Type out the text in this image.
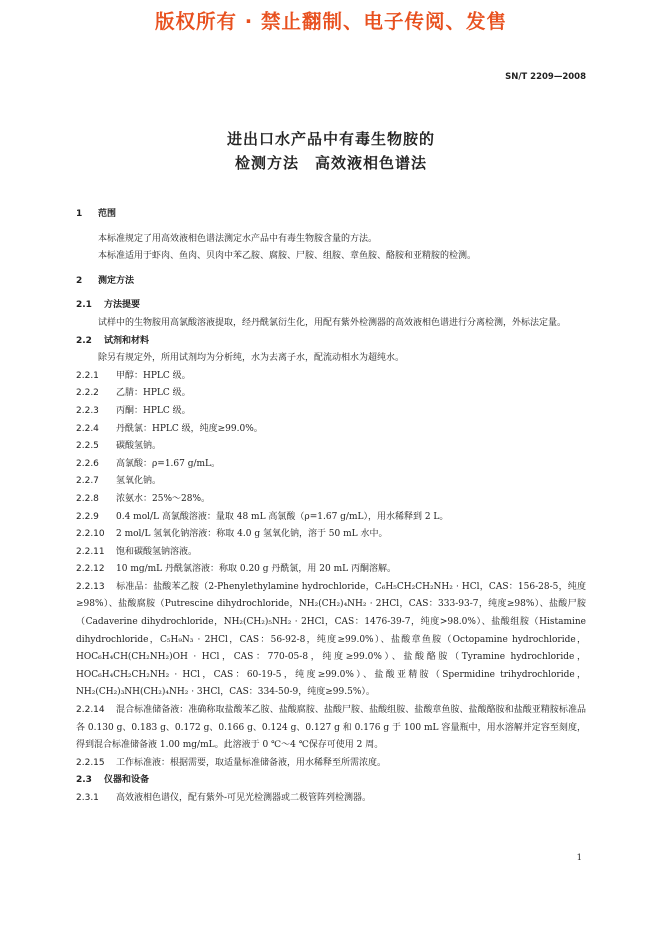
版权所有 · 禁止翻制、电子传阅、发售
SN/T 2209—2008
进出口水产品中有毒生物胺的
检测方法　高效液相色谱法
1 范围
本标准规定了用高效液相色谱法测定水产品中有毒生物胺含量的方法。
本标准适用于虾肉、鱼肉、贝肉中苯乙胺、腐胺、尸胺、组胺、章鱼胺、酪胺和亚精胺的检测。
2 测定方法
2.1 方法提要
试样中的生物胺用高氯酸溶液提取，经丹酰氯衍生化，用配有紫外检测器的高效液相色谱进行分离检测，外标法定量。
2.2 试剂和材料
除另有规定外，所用试剂均为分析纯，水为去离子水，配流动相水为超纯水。
2.2.1 甲醇：HPLC 级。
2.2.2 乙腈：HPLC 级。
2.2.3 丙酮：HPLC 级。
2.2.4 丹酰氯：HPLC 级，纯度≥99.0%。
2.2.5 碳酸氢钠。
2.2.6 高氯酸：ρ=1.67 g/mL。
2.2.7 氢氧化钠。
2.2.8 浓氨水：25%～28%。
2.2.9 0.4 mol/L 高氯酸溶液：量取 48 mL 高氯酸（ρ=1.67 g/mL），用水稀释到 2 L。
2.2.10 2 mol/L 氢氧化钠溶液：称取 4.0 g 氢氧化钠，溶于 50 mL 水中。
2.2.11 饱和碳酸氢钠溶液。
2.2.12 10 mg/mL 丹酰氯溶液：称取 0.20 g 丹酰氯，用 20 mL 丙酮溶解。
2.2.13 标准品：盐酸苯乙胺（2-Phenylethylamine hydrochloride，C₆H₅CH₂CH₂NH₂ · HCl，CAS：156-28-5，纯度≥98%）、盐酸腐胺（Putrescine dihydrochloride，NH₂(CH₂)₄NH₂ · 2HCl，CAS：333-93-7，纯度≥98%）、盐酸尸胺（Cadaverine dihydrochloride，NH₂(CH₂)₅NH₂ · 2HCl，CAS：1476-39-7，纯度>98.0%）、盐酸组胺（Histamine dihydrochloride，C₅H₉N₃ · 2HCl，CAS：56-92-8，纯度≥99.0%）、盐酸章鱼胺（Octopamine hydrochloride，HOC₆H₄CH(CH₂NH₂)OH · HCl，CAS：770-05-8，纯度≥99.0%）、盐酸酪胺（Tyramine hydrochloride，HOC₆H₄CH₂CH₂NH₂ · HCl，CAS：60-19-5，纯度≥99.0%）、盐酸亚精胺（Spermidine trihydrochloride，NH₂(CH₂)₃NH(CH₂)₄NH₂ · 3HCl，CAS：334-50-9，纯度≥99.5%）。
2.2.14 混合标准储备液：准确称取盐酸苯乙胺、盐酸腐胺、盐酸尸胺、盐酸组胺、盐酸章鱼胺、盐酸酪胺和盐酸亚精胺标准品各 0.130 g、0.183 g、0.172 g、0.166 g、0.124 g、0.127 g 和 0.176 g 于 100 mL 容量瓶中，用水溶解并定容至刻度，得到混合标准储备液 1.00 mg/mL。此溶液于 0 ℃～4 ℃保存可使用 2 周。
2.2.15 工作标准液：根据需要，取适量标准储备液，用水稀释至所需浓度。
2.3 仪器和设备
2.3.1 高效液相色谱仪，配有紫外-可见光检测器或二极管阵列检测器。
1
